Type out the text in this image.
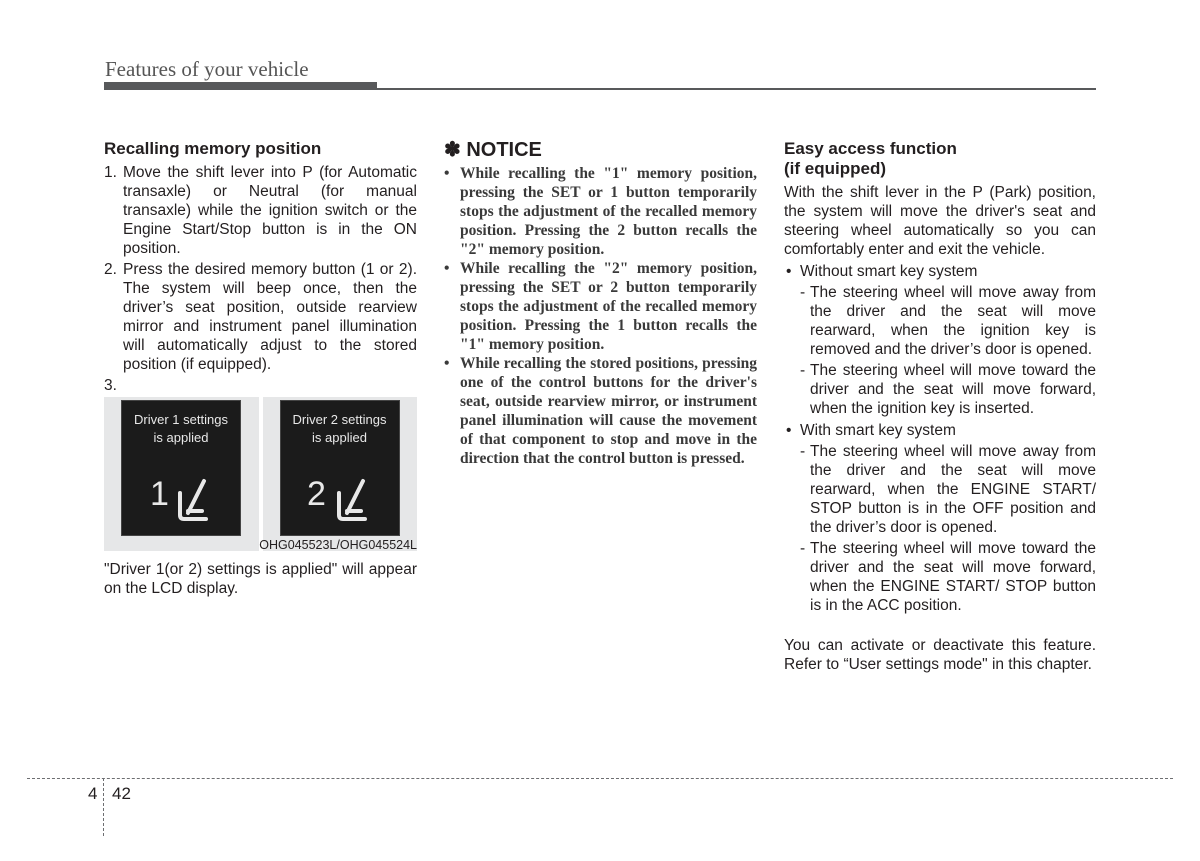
Features of your vehicle
Recalling memory position
1. Move the shift lever into P (for Automatic transaxle) or Neutral (for manual transaxle) while the ignition switch or the Engine Start/Stop button is in the ON position.
2. Press the desired memory button (1 or 2). The system will beep once, then the driver’s seat position, outside rearview mirror and instrument panel illumination will automatically adjust to the stored position (if equipped).
3.
Driver 1 settings
is applied
1
Driver 2 settings
is applied
2
OHG045523L/OHG045524L

"Driver 1(or 2) settings is applied" will appear on the LCD display.

✽ NOTICE
• While recalling the "1" memory position, pressing the SET or 1 button temporarily stops the adjustment of the recalled memory position. Pressing the 2 button recalls the "2" memory position.
• While recalling the "2" memory position, pressing the SET or 2 button temporarily stops the adjustment of the recalled memory position. Pressing the 1 button recalls the "1" memory position.
• While recalling the stored positions, pressing one of the control buttons for the driver's seat, outside rearview mirror, or instrument panel illumination will cause the movement of that component to stop and move in the direction that the control button is pressed.
Easy access function
(if equipped)

With the shift lever in the P (Park) position, the system will move the driver's seat and steering wheel automatically so you can comfortably enter and exit the vehicle.

• Without smart key system
- The steering wheel will move away from the driver and the seat will move rearward, when the ignition key is removed and the driver’s door is opened.
- The steering wheel will move toward the driver and the seat will move forward, when the ignition key is inserted.
• With smart key system
- The steering wheel will move away from the driver and the seat will move rearward, when the ENGINE START/ STOP button is in the OFF position and the driver’s door is opened.
- The steering wheel will move toward the driver and the seat will move forward, when the ENGINE START/ STOP button is in the ACC position.

You can activate or deactivate this feature. Refer to “User settings mode" in this chapter.

4 42
